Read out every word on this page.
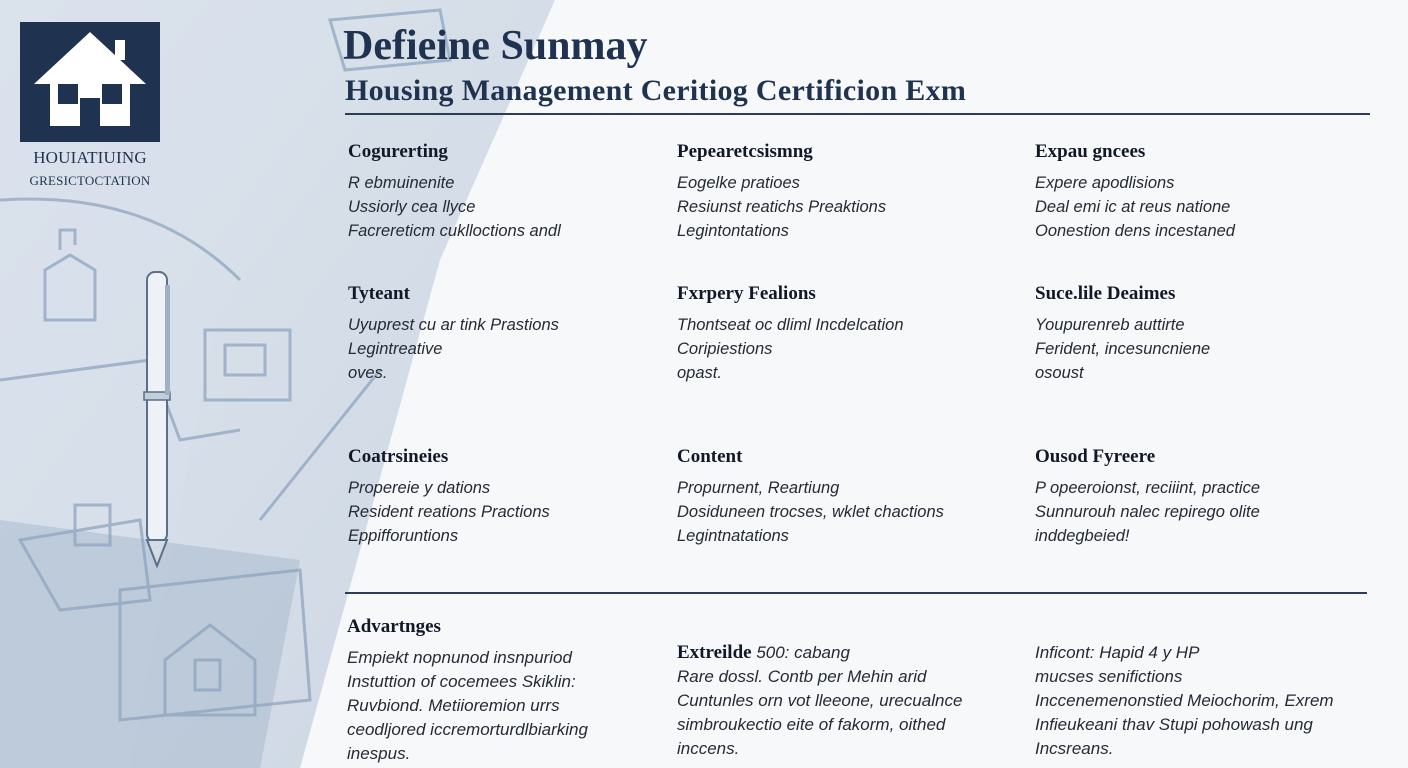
HOUIATIUING
GRESICTOCTATION
Defieine Sunmay
Housing Management Ceritiog Certificion Exm
Cogurerting
R ebmuinenite
Ussiorly cea llyce
Facrereticm cuklloctions andl
Pepearetcsismng
Eogelke pratioes
Resiunst reatichs Preaktions
Legintontations
Expau gncees
Expere apodlisions
Deal emi ic at reus natione
Oonestion dens incestaned
Tyteant
Uyuprest cu ar tink Prastions
Legintreative
oves.
Fxrpery Fealions
Thontseat oc dliml Incdelcation
Coripiestions
opast.
Suce.lile Deaimes
Youpurenreb auttirte
Ferident, incesuncniene
osoust
Coatrsineies
Propereie y dations
Resident reations Practions
Eppifforuntions
Content
Propurnent, Reartiung
Dosiduneen trocses, wklet chactions
Legintnatations
Ousod Fyreere
P opeeroionst, reciiint, practice
Sunnurouh nalec repirego olite
inddegbeied!
Advartnges
Empiekt nopnunod insnpuriod
Instuttion of cocemees Skiklin:
Ruvbiond. Metiioremion urrs
ceodljored iccremorturdlbiarking
inespus.
Extreilde 500: cabang
Rare dossl. Contb per Mehin arid
Cuntunles orn vot lleeone, urecualnce
simbroukectio eite of fakorm, oithed
inccens.
Inficont: Hapid 4 y HP
mucses senifictions
Inccenemenonstied Meiochorim, Exrem
Infieukeani thav Stupi pohowash ung
Incsreans.
